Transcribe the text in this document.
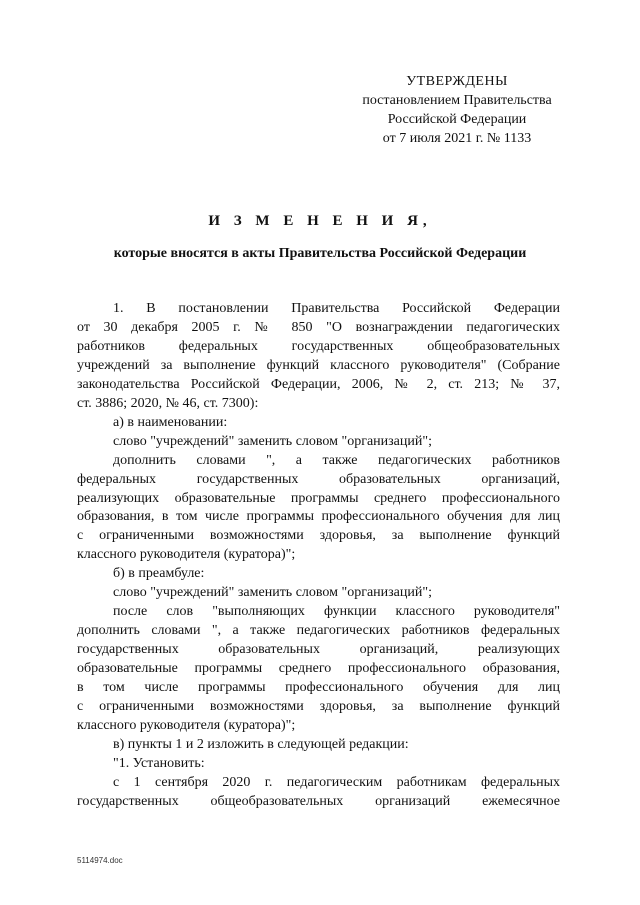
УТВЕРЖДЕНЫ
постановлением Правительства
Российской Федерации
от 7 июля 2021 г. № 1133
И З М Е Н Е Н И Я,
которые вносятся в акты Правительства Российской Федерации

1. В постановлении Правительства Российской Федерации

от 30 декабря 2005 г. № 850 "О вознаграждении педагогических

работников федеральных государственных общеобразовательных

учреждений за выполнение функций классного руководителя" (Собрание

законодательства Российской Федерации, 2006, № 2, ст. 213; № 37,

ст. 3886; 2020, № 46, ст. 7300):

а) в наименовании:

слово "учреждений" заменить словом "организаций";

дополнить словами ", а также педагогических работников

федеральных государственных образовательных организаций,

реализующих образовательные программы среднего профессионального

образования, в том числе программы профессионального обучения для лиц

с ограниченными возможностями здоровья, за выполнение функций

классного руководителя (куратора)";

б) в преамбуле:

слово "учреждений" заменить словом "организаций";

после слов "выполняющих функции классного руководителя"

дополнить словами ", а также педагогических работников федеральных

государственных образовательных организаций, реализующих

образовательные программы среднего профессионального образования,

в том числе программы профессионального обучения для лиц

с ограниченными возможностями здоровья, за выполнение функций

классного руководителя (куратора)";

в) пункты 1 и 2 изложить в следующей редакции:

"1. Установить:

с 1 сентября 2020 г. педагогическим работникам федеральных

государственных общеобразовательных организаций ежемесячное

5114974.doc
